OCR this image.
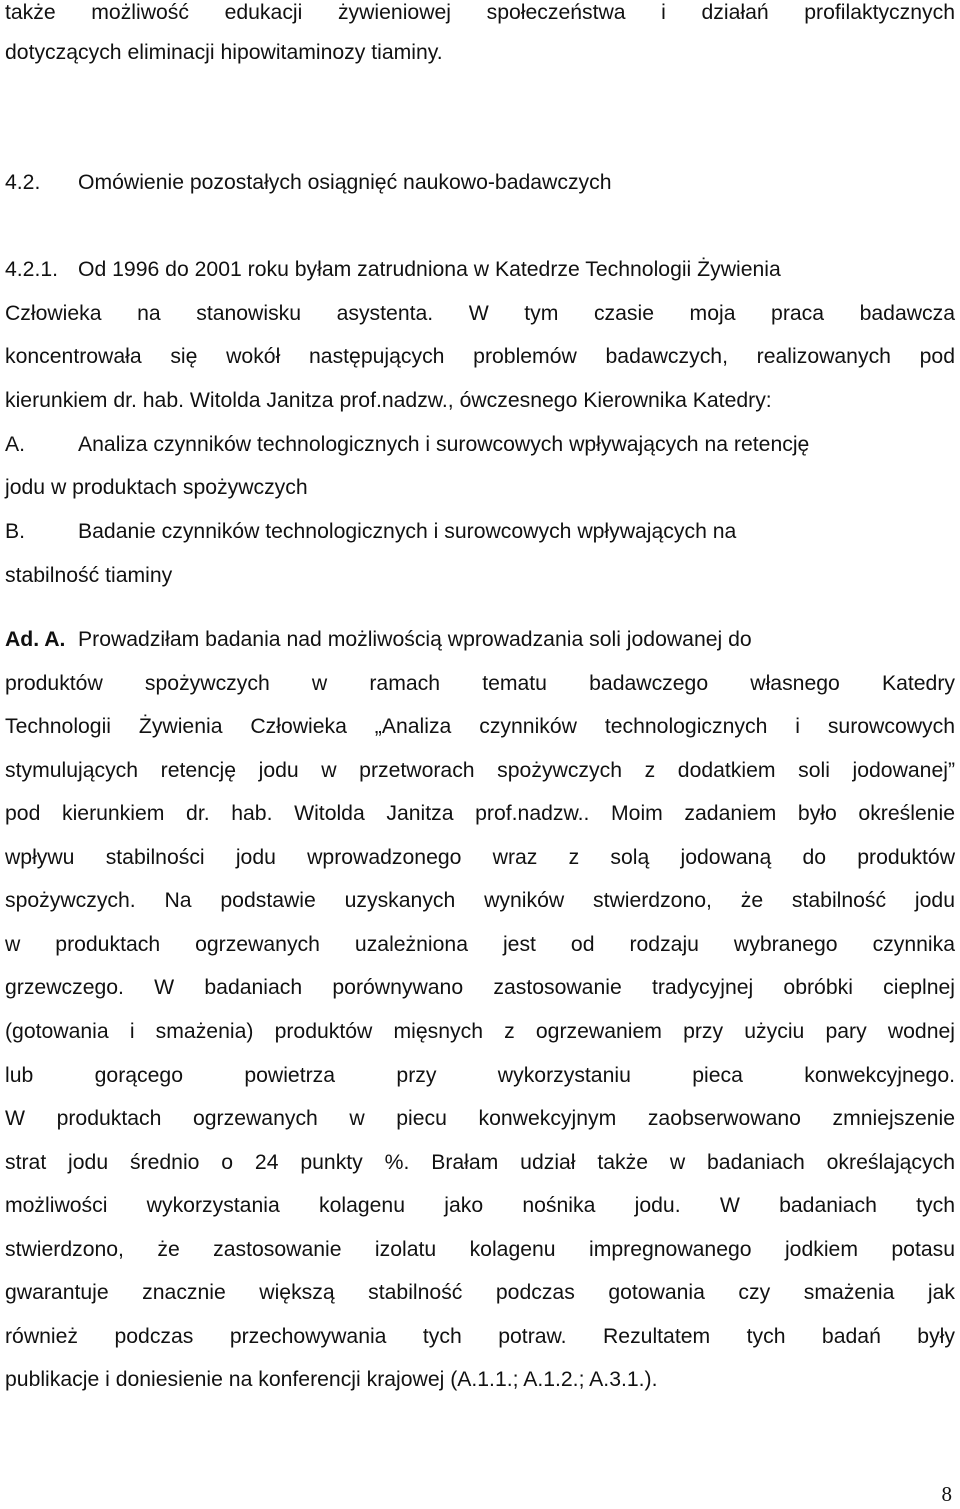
także możliwość edukacji żywieniowej społeczeństwa i działań profilaktycznych
dotyczących eliminacji hipowitaminozy tiaminy.
4.2. Omówienie pozostałych osiągnięć naukowo-badawczych
4.2.1. Od 1996 do 2001 roku byłam zatrudniona w Katedrze Technologii Żywienia
Człowieka na stanowisku asystenta. W tym czasie moja praca badawcza
koncentrowała się wokół następujących problemów badawczych, realizowanych pod
kierunkiem dr. hab. Witolda Janitza prof.nadzw., ówczesnego Kierownika Katedry:
A. Analiza czynników technologicznych i surowcowych wpływających na retencję
jodu w produktach spożywczych
B. Badanie czynników technologicznych i surowcowych wpływających na
stabilność tiaminy
Ad. A. Prowadziłam badania nad możliwością wprowadzania soli jodowanej do
produktów spożywczych w ramach tematu badawczego własnego Katedry
Technologii Żywienia Człowieka „Analiza czynników technologicznych i surowcowych
stymulujących retencję jodu w przetworach spożywczych z dodatkiem soli jodowanej”
pod kierunkiem dr. hab. Witolda Janitza prof.nadzw.. Moim zadaniem było określenie
wpływu stabilności jodu wprowadzonego wraz z solą jodowaną do produktów
spożywczych. Na podstawie uzyskanych wyników stwierdzono, że stabilność jodu
w produktach ogrzewanych uzależniona jest od rodzaju wybranego czynnika
grzewczego. W badaniach porównywano zastosowanie tradycyjnej obróbki cieplnej
(gotowania i smażenia) produktów mięsnych z ogrzewaniem przy użyciu pary wodnej
lub gorącego powietrza przy wykorzystaniu pieca konwekcyjnego.
W produktach ogrzewanych w piecu konwekcyjnym zaobserwowano zmniejszenie
strat jodu średnio o 24 punkty %. Brałam udział także w badaniach określających
możliwości wykorzystania kolagenu jako nośnika jodu. W badaniach tych
stwierdzono, że zastosowanie izolatu kolagenu impregnowanego jodkiem potasu
gwarantuje znacznie większą stabilność podczas gotowania czy smażenia jak
również podczas przechowywania tych potraw. Rezultatem tych badań były
publikacje i doniesienie na konferencji krajowej (A.1.1.; A.1.2.; A.3.1.).
8
